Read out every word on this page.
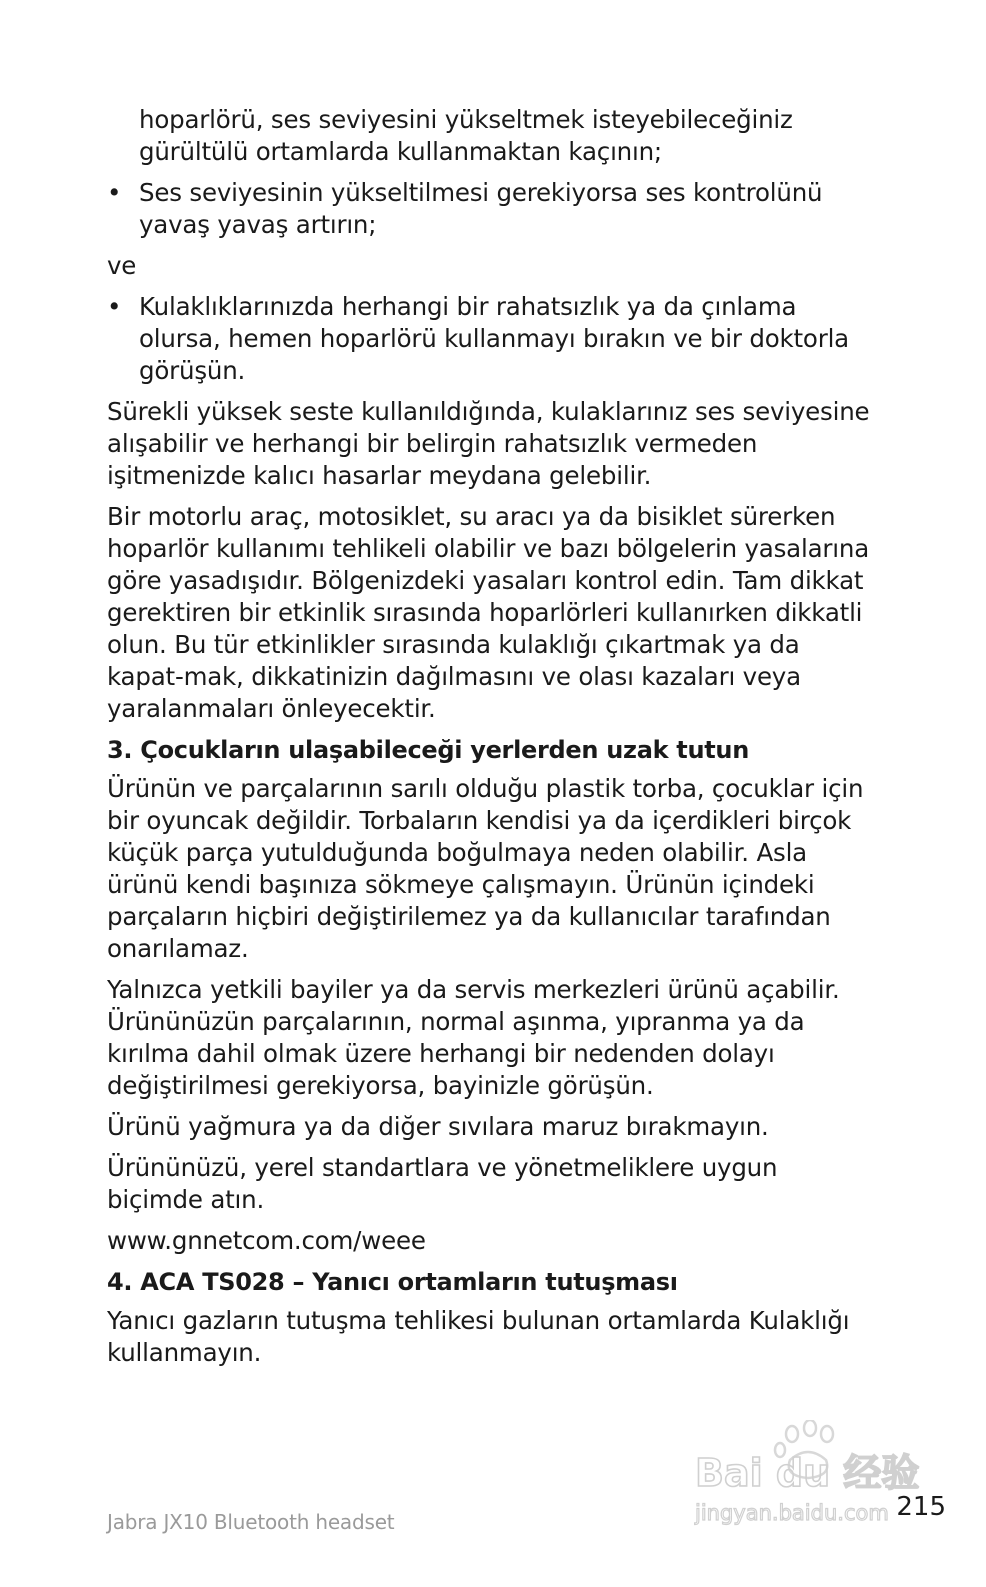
hoparlörü, ses seviyesini yükseltmek isteyebileceğiniz gürültülü ortamlarda kullanmaktan kaçının;

• Ses seviyesinin yükseltilmesi gerekiyorsa ses kontrolünü yavaş yavaş artırın;

ve

• Kulaklıklarınızda herhangi bir rahatsızlık ya da çınlama olursa, hemen hoparlörü kullanmayı bırakın ve bir doktorla görüşün.

Sürekli yüksek seste kullanıldığında, kulaklarınız ses seviyesine alışabilir ve herhangi bir belirgin rahatsızlık vermeden işitmenizde kalıcı hasarlar meydana gelebilir.

Bir motorlu araç, motosiklet, su aracı ya da bisiklet sürerken hoparlör kullanımı tehlikeli olabilir ve bazı bölgelerin yasalarına göre yasadışıdır. Bölgenizdeki yasaları kontrol edin. Tam dikkat gerektiren bir etkinlik sırasında hoparlörleri kullanırken dikkatli olun. Bu tür etkinlikler sırasında kulaklığı çıkartmak ya da kapat-mak, dikkatinizin dağılmasını ve olası kazaları veya yaralanmaları önleyecektir.

3. Çocukların ulaşabileceği yerlerden uzak tutun

Ürünün ve parçalarının sarılı olduğu plastik torba, çocuklar için bir oyuncak değildir. Torbaların kendisi ya da içerdikleri birçok küçük parça yutulduğunda boğulmaya neden olabilir. Asla ürünü kendi başınıza sökmeye çalışmayın. Ürünün içindeki parçaların hiçbiri değiştirilemez ya da kullanıcılar tarafından onarılamaz.

Yalnızca yetkili bayiler ya da servis merkezleri ürünü açabilir. Ürününüzün parçalarının, normal aşınma, yıpranma ya da kırılma dahil olmak üzere herhangi bir nedenden dolayı değiştirilmesi gerekiyorsa, bayinizle görüşün.

Ürünü yağmura ya da diğer sıvılara maruz bırakmayın.

Ürününüzü, yerel standartlara ve yönetmeliklere uygun biçimde atın.

www.gnnetcom.com/weee

4. ACA TS028 – Yanıcı ortamların tutuşması

Yanıcı gazların tutuşma tehlikesi bulunan ortamlarda Kulaklığı kullanmayın.

Bai du 经验
jingyan.baidu.com
Jabra JX10 Bluetooth headset	215
